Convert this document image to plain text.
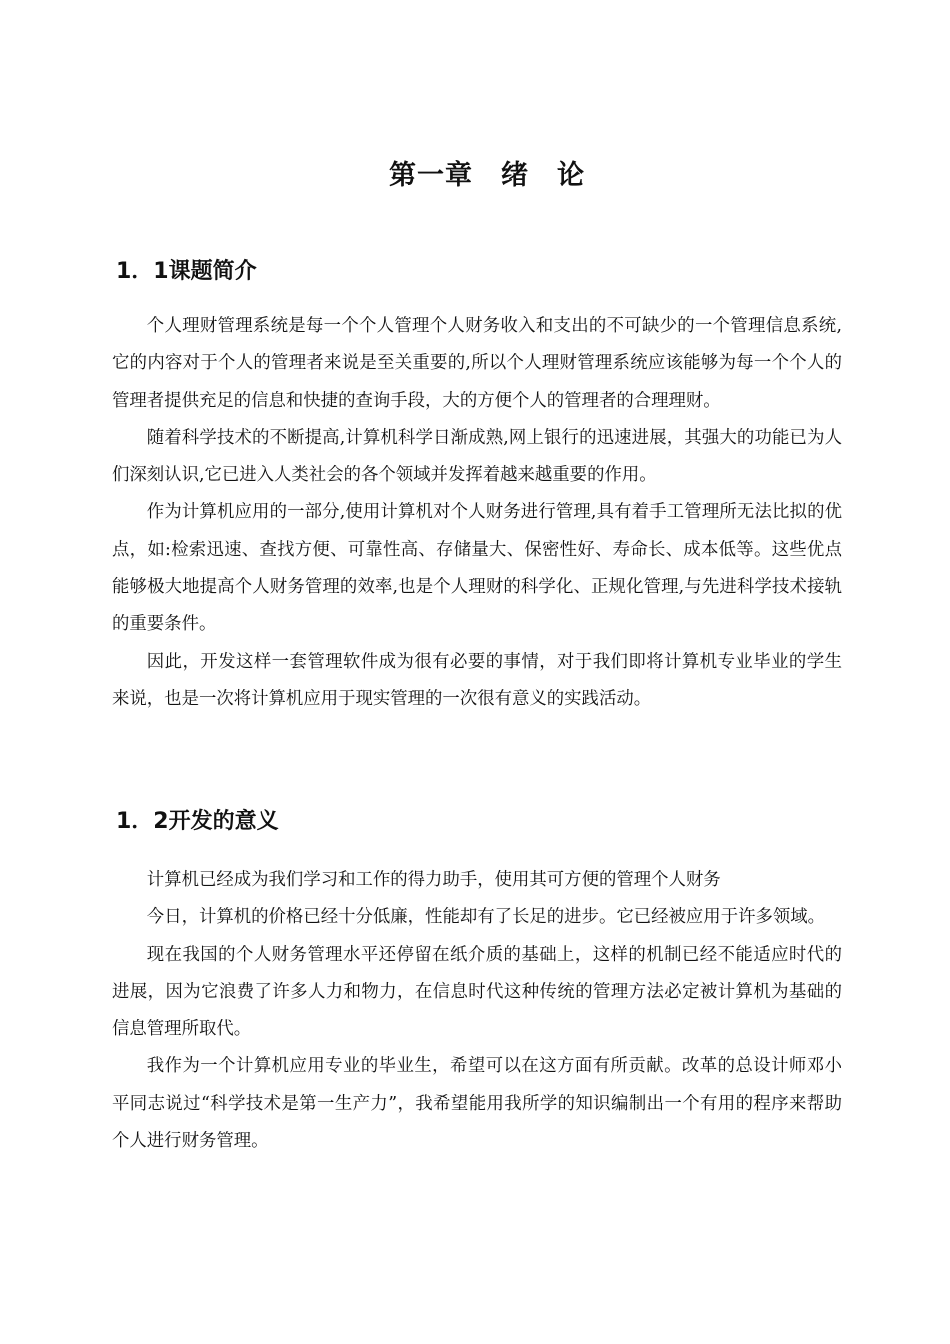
第一章　绪　论
1．1课题简介

个人理财管理系统是每一个个人管理个人财务收入和支出的不可缺少的一个管理信息系统,它的内容对于个人的管理者来说是至关重要的,所以个人理财管理系统应该能够为每一个个人的管理者提供充足的信息和快捷的查询手段，大的方便个人的管理者的合理理财。

随着科学技术的不断提高,计算机科学日渐成熟,网上银行的迅速进展，其强大的功能已为人们深刻认识,它已进入人类社会的各个领域并发挥着越来越重要的作用。

作为计算机应用的一部分,使用计算机对个人财务进行管理,具有着手工管理所无法比拟的优点，如:检索迅速、查找方便、可靠性高、存储量大、保密性好、寿命长、成本低等。这些优点能够极大地提高个人财务管理的效率,也是个人理财的科学化、正规化管理,与先进科学技术接轨的重要条件。

因此，开发这样一套管理软件成为很有必要的事情，对于我们即将计算机专业毕业的学生来说，也是一次将计算机应用于现实管理的一次很有意义的实践活动。

1．2开发的意义

计算机已经成为我们学习和工作的得力助手，使用其可方便的管理个人财务

今日，计算机的价格已经十分低廉，性能却有了长足的进步。它已经被应用于许多领域。

现在我国的个人财务管理水平还停留在纸介质的基础上，这样的机制已经不能适应时代的进展，因为它浪费了许多人力和物力，在信息时代这种传统的管理方法必定被计算机为基础的信息管理所取代。

我作为一个计算机应用专业的毕业生，希望可以在这方面有所贡献。改革的总设计师邓小平同志说过“科学技术是第一生产力”，我希望能用我所学的知识编制出一个有用的程序来帮助个人进行财务管理。
